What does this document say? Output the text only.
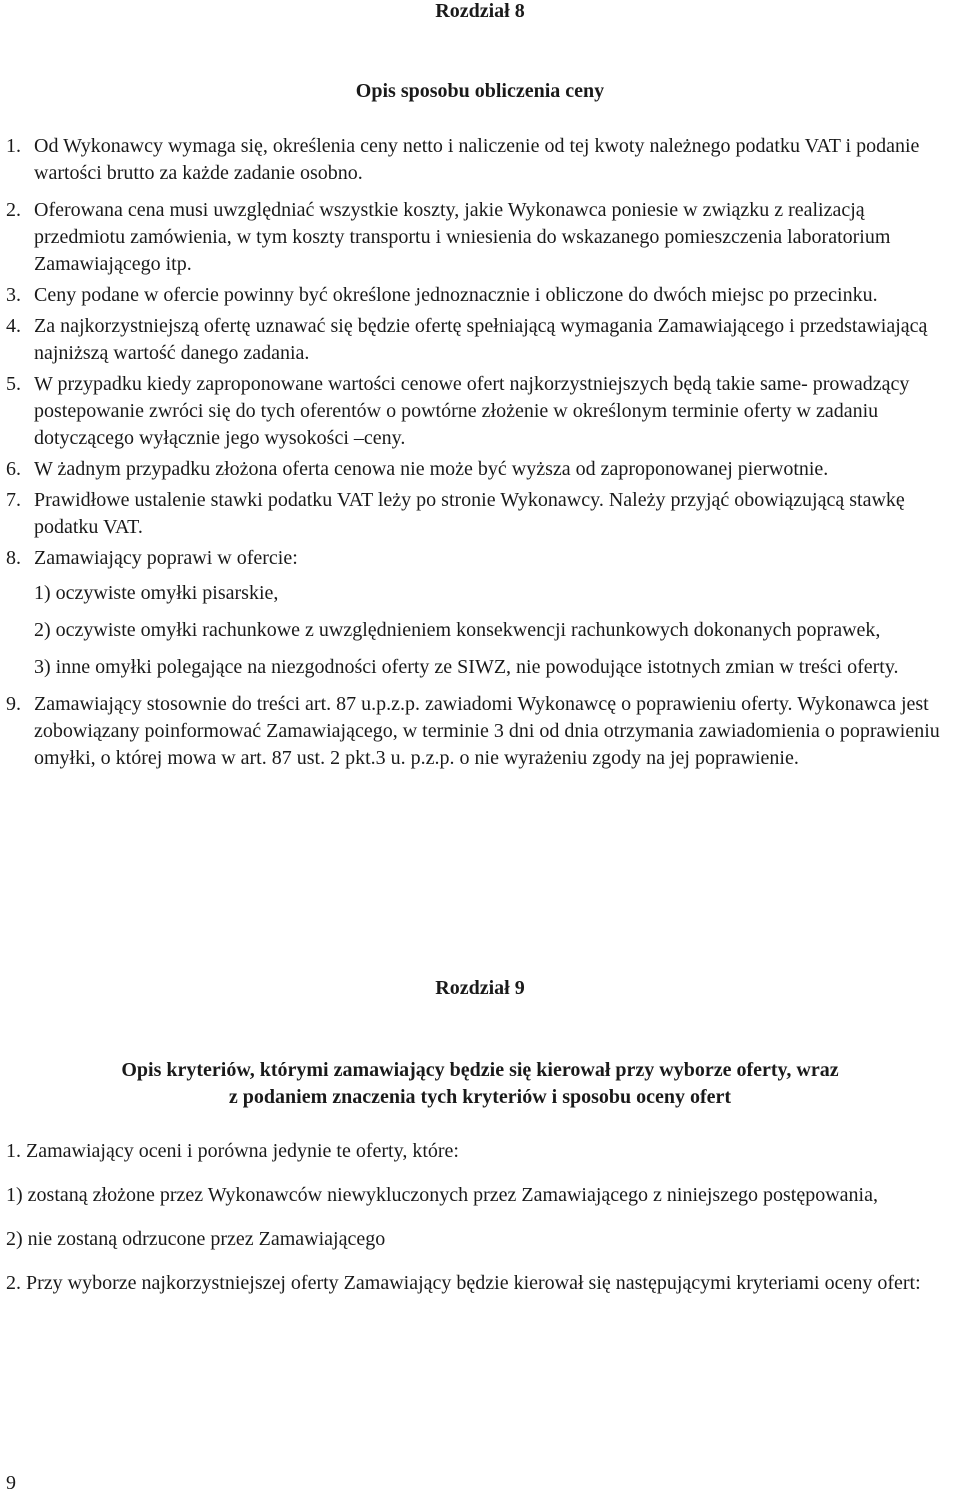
Rozdział 8

Opis sposobu obliczenia ceny

1. Od Wykonawcy wymaga się, określenia ceny netto i naliczenie od tej kwoty należnego podatku VAT i podanie wartości brutto za każde zadanie osobno.
2. Oferowana cena musi uwzględniać wszystkie koszty, jakie Wykonawca poniesie w związku z realizacją przedmiotu zamówienia, w tym koszty transportu i wniesienia do wskazanego pomieszczenia laboratorium Zamawiającego itp.
3. Ceny podane w ofercie powinny być określone jednoznacznie i obliczone do dwóch miejsc po przecinku.
4. Za najkorzystniejszą ofertę uznawać się będzie ofertę spełniającą wymagania Zamawiającego i przedstawiającą najniższą wartość danego zadania.
5. W przypadku kiedy zaproponowane wartości cenowe ofert najkorzystniejszych będą takie same- prowadzący postepowanie zwróci się do tych oferentów o powtórne złożenie w określonym terminie oferty w zadaniu dotyczącego wyłącznie jego wysokości –ceny.
6. W żadnym przypadku złożona oferta cenowa nie może być wyższa od zaproponowanej pierwotnie.
7. Prawidłowe ustalenie stawki podatku VAT leży po stronie Wykonawcy. Należy przyjąć obowiązującą stawkę podatku VAT.
8. Zamawiający poprawi w ofercie:
1) oczywiste omyłki pisarskie,
2) oczywiste omyłki rachunkowe z uwzględnieniem konsekwencji rachunkowych dokonanych poprawek,
3) inne omyłki polegające na niezgodności oferty ze SIWZ, nie powodujące istotnych zmian w treści oferty.
9. Zamawiający stosownie do treści art. 87 u.p.z.p. zawiadomi Wykonawcę o poprawieniu oferty. Wykonawca jest zobowiązany poinformować Zamawiającego, w terminie 3 dni od dnia otrzymania zawiadomienia o poprawieniu omyłki, o której mowa w art. 87 ust. 2 pkt.3 u. p.z.p. o nie wyrażeniu zgody na jej poprawienie.

Rozdział 9

Opis kryteriów, którymi zamawiający będzie się kierował przy wyborze oferty, wraz
z podaniem znaczenia tych kryteriów i sposobu oceny ofert
1. Zamawiający oceni i porówna jedynie te oferty, które:
1) zostaną złożone przez Wykonawców niewykluczonych przez Zamawiającego z niniejszego postępowania,
2) nie zostaną odrzucone przez Zamawiającego
2. Przy wyborze najkorzystniejszej oferty Zamawiający będzie kierował się następującymi kryteriami oceny ofert:
9
